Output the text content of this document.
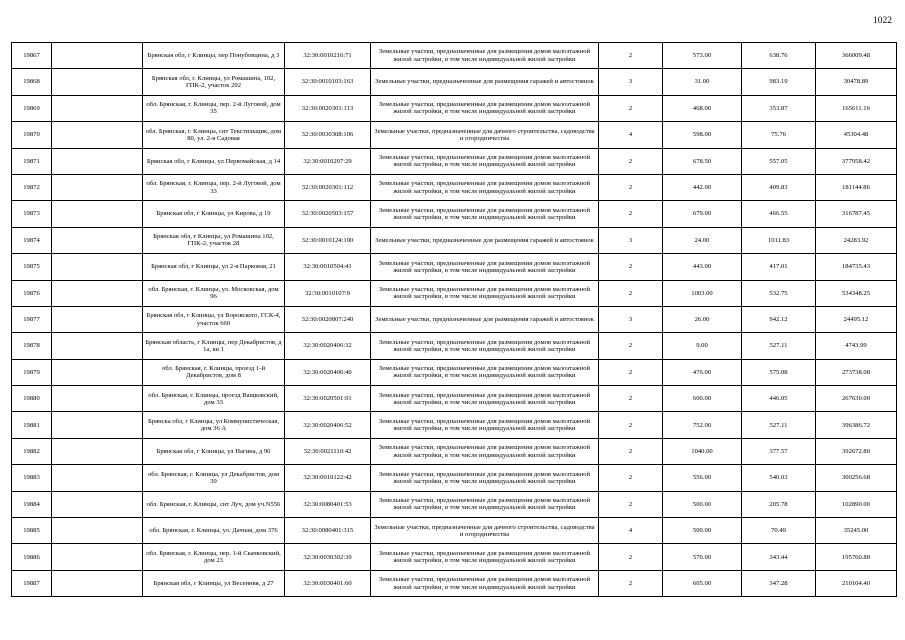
1022
19867		Брянская обл, г Клинцы, пер Понубовцина, д 3	32:30:0010216:71	Земельные участки, предназначенные для размещения домов малоэтажной жилой застройки, в том числе индивидуальной жилой застройки	2	573.00	638.76	366009.48
19868		Брянская обл, г. Клинцы, ул Ромашина, 102, ГПК-2, участок 292	32:30:0010103:163	Земельные участки, предназначенные для размещения гаражей и автостоянок	3	31.00	983.19	30478.89
19869		обл. Брянская, г. Клинцы, пер. 2-й Луговой, дом 35	32:30:0020301:113	Земельные участки, предназначенные для размещения домов малоэтажной жилой застройки, в том числе индивидуальной жилой застройки	2	468.00	353.87	165611.16
19870		обл. Брянская, г. Клинцы, снт Текстильщик, дом 80, ул. 2-я Садовая	32:30:0030308:106	Земельные участки, предназначенные для дачного строительства, садоводства и огородничества	4	598.00	75.76	45304.48
19871		Брянская обл, г Клинцы, ул Первомайская, д 14	32:30:0010207:29	Земельные участки, предназначенные для размещения домов малоэтажной жилой застройки, в том числе индивидуальной жилой застройки	2	678.50	557.05	377958.42
19872		обл. Брянская, г. Клинцы, пер. 2-й Луговой, дом 33	32:30:0020301:112	Земельные участки, предназначенные для размещения домов малоэтажной жилой застройки, в том числе индивидуальной жилой застройки	2	442.00	409.83	181144.86
19873		Брянская обл, г Клинцы, ул Кирова, д 19	32:30:0020503:157	Земельные участки, предназначенные для размещения домов малоэтажной жилой застройки, в том числе индивидуальной жилой застройки	2	679.00	466.55	316787.45
19874		Брянская обл, г Клинцы, ул Ромашина 102, ГПК-2, участок 28	32:30:0010124:100	Земельные участки, предназначенные для размещения гаражей и автостоянок	3	24.00	1011.83	24283.92
19875		Брянская обл, г Клинцы, ул 2-я Парковая, 21	32:30:0010504:41	Земельные участки, предназначенные для размещения домов малоэтажной жилой застройки, в том числе индивидуальной жилой застройки	2	443.00	417.01	184735.43
19876		обл. Брянская, г. Клинцы, ул. Московская, дом 96	32:30:0010107:9	Земельные участки, предназначенные для размещения домов малоэтажной жилой застройки, в том числе индивидуальной жилой застройки	2	1003.00	532.75	534348.25
19877		Брянская обл, г Клинцы, ул Воровского, ГСК-4, участок 660	32:30:0020807:240	Земельные участки, предназначенные для размещения гаражей и автостоянок	3	26.00	942.12	24495.12
19878		Брянская область, г Клинцы, пер Декабристов, д 1а, кв 1	32:30:0020406:32	Земельные участки, предназначенные для размещения домов малоэтажной жилой застройки, в том числе индивидуальной жилой застройки	2	9.00	527.11	4743.99
19879		обл. Брянская, г. Клинцы, проезд 1-й Декабристов, дом 8	32:30:0020406:40	Земельные участки, предназначенные для размещения домов малоэтажной жилой застройки, в том числе индивидуальной жилой застройки	2	476.00	575.08	273738.08
19880		обл. Брянская, г. Клинцы, проезд Ващковский, дом 33	32:30:0020501:91	Земельные участки, предназначенные для размещения домов малоэтажной жилой застройки, в том числе индивидуальной жилой застройки	2	600.00	446.05	267630.00
19881		Брянска обл, г Клинцы, ул Коммунистическая, дом 36 А	32:30:0020406:52	Земельные участки, предназначенные для размещения домов малоэтажной жилой застройки, в том числе индивидуальной жилой застройки	2	752.00	527.11	396386.72
19882		Брянская обл, г Клинцы, ул Нагина, д 90	32:30:0021110:42	Земельные участки, предназначенные для размещения домов малоэтажной жилой застройки, в том числе индивидуальной жилой застройки	2	1040.00	377.57	392672.80
19883		обл. Брянская, г. Клинцы, ул Декабристов, дом 39	32:30:0010122:42	Земельные участки, предназначенные для размещения домов малоэтажной жилой застройки, в том числе индивидуальной жилой застройки	2	556.00	540.03	300256.68
19884		обл. Брянская, г. Клинцы, снт Луч, дом уч.N556	32:30:0080401:53	Земельные участки, предназначенные для размещения домов малоэтажной жилой застройки, в том числе индивидуальной жилой застройки	2	500.00	205.78	102890.00
19885		обл. Брянская, г. Клинцы, ул. Дачная, дом 376	32:30:0080401:315	Земельные участки, предназначенные для дачного строительства, садоводства и огородничества	4	500.00	70.49	35245.00
19886		обл. Брянская, г. Клинцы, пер. 1-й Скачковский, дом 23	32:30:0030302:39	Земельные участки, предназначенные для размещения домов малоэтажной жилой застройки, в том числе индивидуальной жилой застройки	2	570.00	343.44	195760.80
19887		Брянская обл, г Клинцы, ул Весенняя, д 27	32:30:0030401:60	Земельные участки, предназначенные для размещения домов малоэтажной жилой застройки, в том числе индивидуальной жилой застройки	2	605.00	347.28	210104.40
